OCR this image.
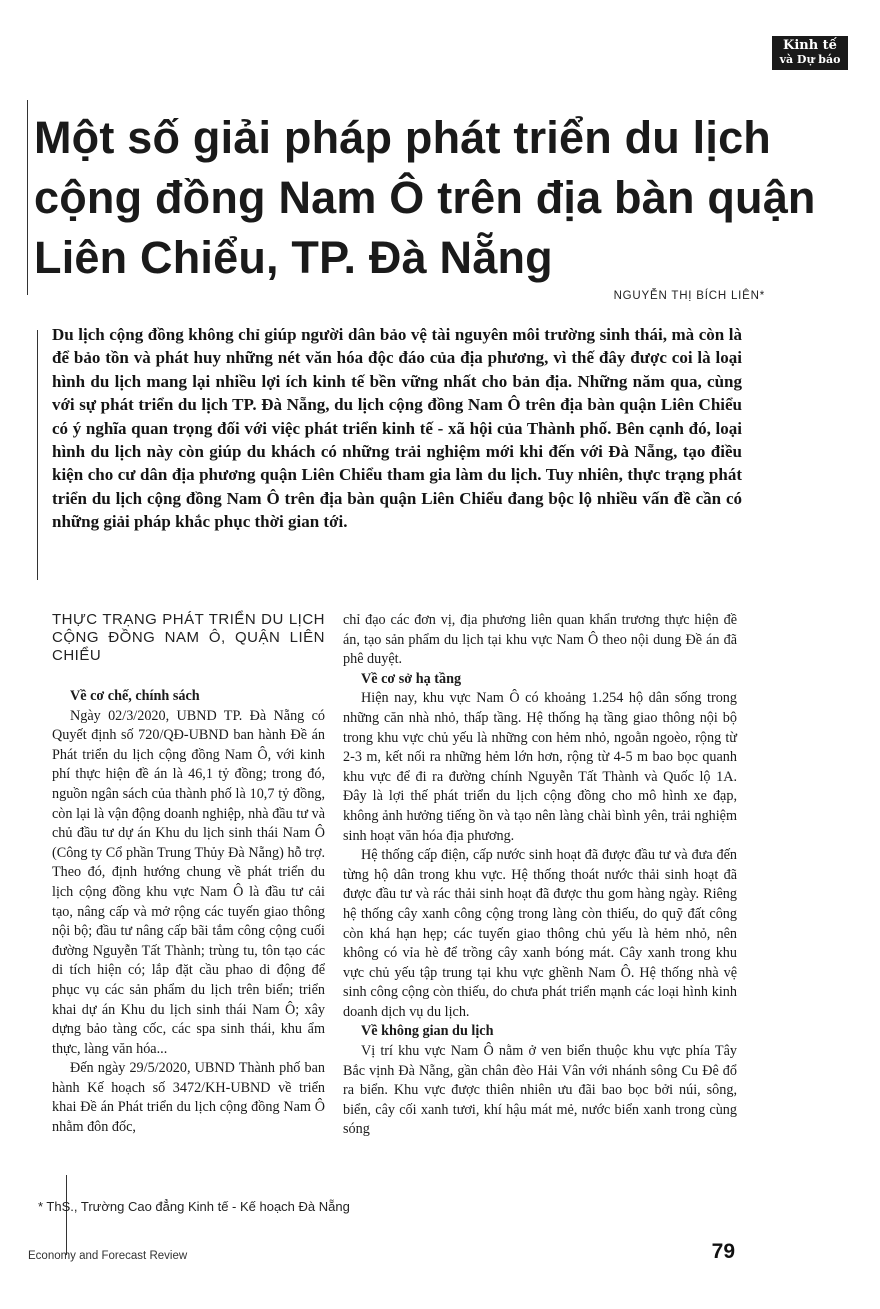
Kinh tế
và Dự báo
Một số giải pháp phát triển du lịch cộng đồng Nam Ô trên địa bàn quận Liên Chiểu, TP. Đà Nẵng
NGUYỄN THỊ BÍCH LIÊN*

Du lịch cộng đồng không chỉ giúp người dân bảo vệ tài nguyên môi trường sinh thái, mà còn là để bảo tồn và phát huy những nét văn hóa độc đáo của địa phương, vì thế đây được coi là loại hình du lịch mang lại nhiều lợi ích kinh tế bền vững nhất cho bản địa. Những năm qua, cùng với sự phát triển du lịch TP. Đà Nẵng, du lịch cộng đồng Nam Ô trên địa bàn quận Liên Chiểu có ý nghĩa quan trọng đối với việc phát triển kinh tế - xã hội của Thành phố. Bên cạnh đó, loại hình du lịch này còn giúp du khách có những trải nghiệm mới khi đến với Đà Nẵng, tạo điều kiện cho cư dân địa phương quận Liên Chiểu tham gia làm du lịch. Tuy nhiên, thực trạng phát triển du lịch cộng đồng Nam Ô trên địa bàn quận Liên Chiểu đang bộc lộ nhiều vấn đề cần có những giải pháp khắc phục thời gian tới.

THỰC TRẠNG PHÁT TRIỂN DU LỊCH CỘNG ĐỒNG NAM Ô, QUẬN LIÊN CHIỂU

Về cơ chế, chính sách

Ngày 02/3/2020, UBND TP. Đà Nẵng có Quyết định số 720/QĐ-UBND ban hành Đề án Phát triển du lịch cộng đồng Nam Ô, với kinh phí thực hiện đề án là 46,1 tỷ đồng; trong đó, nguồn ngân sách của thành phố là 10,7 tỷ đồng, còn lại là vận động doanh nghiệp, nhà đầu tư và chủ đầu tư dự án Khu du lịch sinh thái Nam Ô (Công ty Cổ phần Trung Thủy Đà Nẵng) hỗ trợ. Theo đó, định hướng chung về phát triển du lịch cộng đồng khu vực Nam Ô là đầu tư cải tạo, nâng cấp và mở rộng các tuyến giao thông nội bộ; đầu tư nâng cấp bãi tắm công cộng cuối đường Nguyễn Tất Thành; trùng tu, tôn tạo các di tích hiện có; lắp đặt cầu phao di động để phục vụ các sản phẩm du lịch trên biển; triển khai dự án Khu du lịch sinh thái Nam Ô; xây dựng bảo tàng cốc, các spa sinh thái, khu ẩm thực, làng văn hóa...

Đến ngày 29/5/2020, UBND Thành phố ban hành Kế hoạch số 3472/KH-UBND về triển khai Đề án Phát triển du lịch cộng đồng Nam Ô nhằm đôn đốc,

chỉ đạo các đơn vị, địa phương liên quan khẩn trương thực hiện đề án, tạo sản phẩm du lịch tại khu vực Nam Ô theo nội dung Đề án đã phê duyệt.

Về cơ sở hạ tầng

Hiện nay, khu vực Nam Ô có khoảng 1.254 hộ dân sống trong những căn nhà nhỏ, thấp tầng. Hệ thống hạ tầng giao thông nội bộ trong khu vực chủ yếu là những con hẻm nhỏ, ngoằn ngoèo, rộng từ 2-3 m, kết nối ra những hẻm lớn hơn, rộng từ 4-5 m bao bọc quanh khu vực để đi ra đường chính Nguyễn Tất Thành và Quốc lộ 1A. Đây là lợi thế phát triển du lịch cộng đồng cho mô hình xe đạp, không ảnh hưởng tiếng ồn và tạo nên làng chài bình yên, trải nghiệm sinh hoạt văn hóa địa phương.

Hệ thống cấp điện, cấp nước sinh hoạt đã được đầu tư và đưa đến từng hộ dân trong khu vực. Hệ thống thoát nước thải sinh hoạt đã được đầu tư và rác thải sinh hoạt đã được thu gom hàng ngày. Riêng hệ thống cây xanh công cộng trong làng còn thiếu, do quỹ đất công còn khá hạn hẹp; các tuyến giao thông chủ yếu là hẻm nhỏ, nên không có vỉa hè để trồng cây xanh bóng mát. Cây xanh trong khu vực chủ yếu tập trung tại khu vực ghềnh Nam Ô. Hệ thống nhà vệ sinh công cộng còn thiếu, do chưa phát triển mạnh các loại hình kinh doanh dịch vụ du lịch.

Về không gian du lịch

Vị trí khu vực Nam Ô nằm ở ven biển thuộc khu vực phía Tây Bắc vịnh Đà Nẵng, gần chân đèo Hải Vân với nhánh sông Cu Đê đổ ra biển. Khu vực được thiên nhiên ưu đãi bao bọc bởi núi, sông, biển, cây cối xanh tươi, khí hậu mát mẻ, nước biển xanh trong cùng sóng

* ThS., Trường Cao đẳng Kinh tế - Kế hoạch Đà Nẵng
Economy and Forecast Review	79
